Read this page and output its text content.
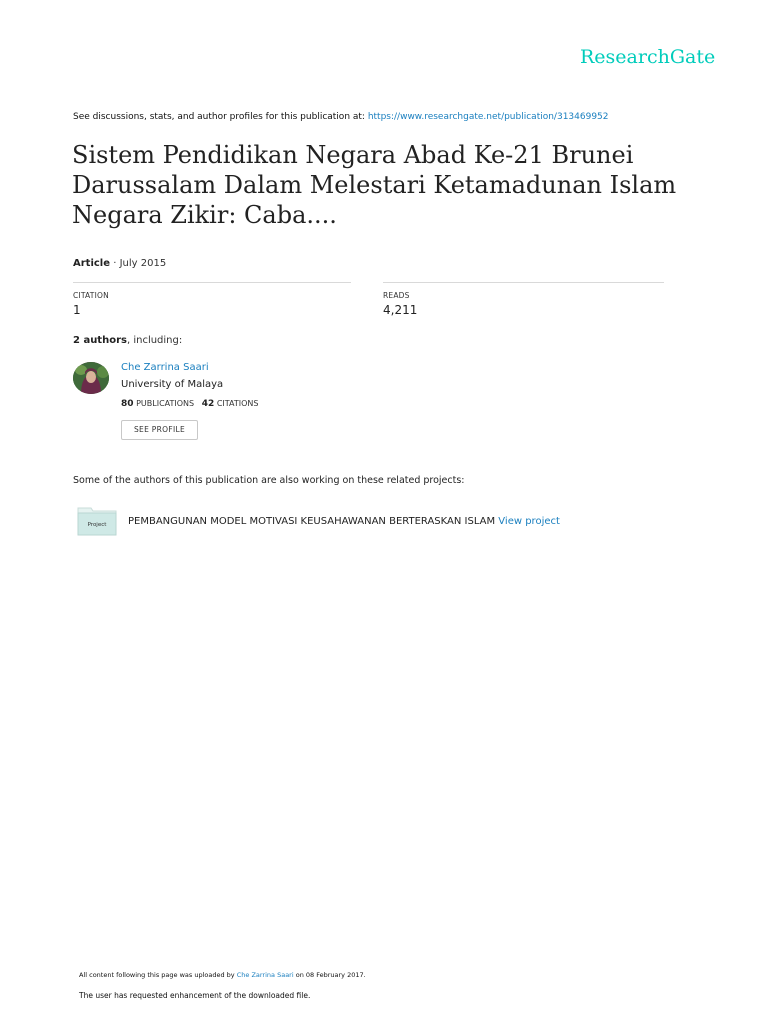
ResearchGate
See discussions, stats, and author profiles for this publication at: https://www.researchgate.net/publication/313469952
Sistem Pendidikan Negara Abad Ke-21 Brunei Darussalam Dalam Melestari Ketamadunan Islam Negara Zikir: Caba....
Article · July 2015
CITATION
1
READS
4,211
2 authors, including:
Che Zarrina Saari
University of Malaya
80 PUBLICATIONS 42 CITATIONS
SEE PROFILE
Some of the authors of this publication are also working on these related projects:
Project PEMBANGUNAN MODEL MOTIVASI KEUSAHAWANAN BERTERASKAN ISLAM View project
All content following this page was uploaded by Che Zarrina Saari on 08 February 2017.
The user has requested enhancement of the downloaded file.
